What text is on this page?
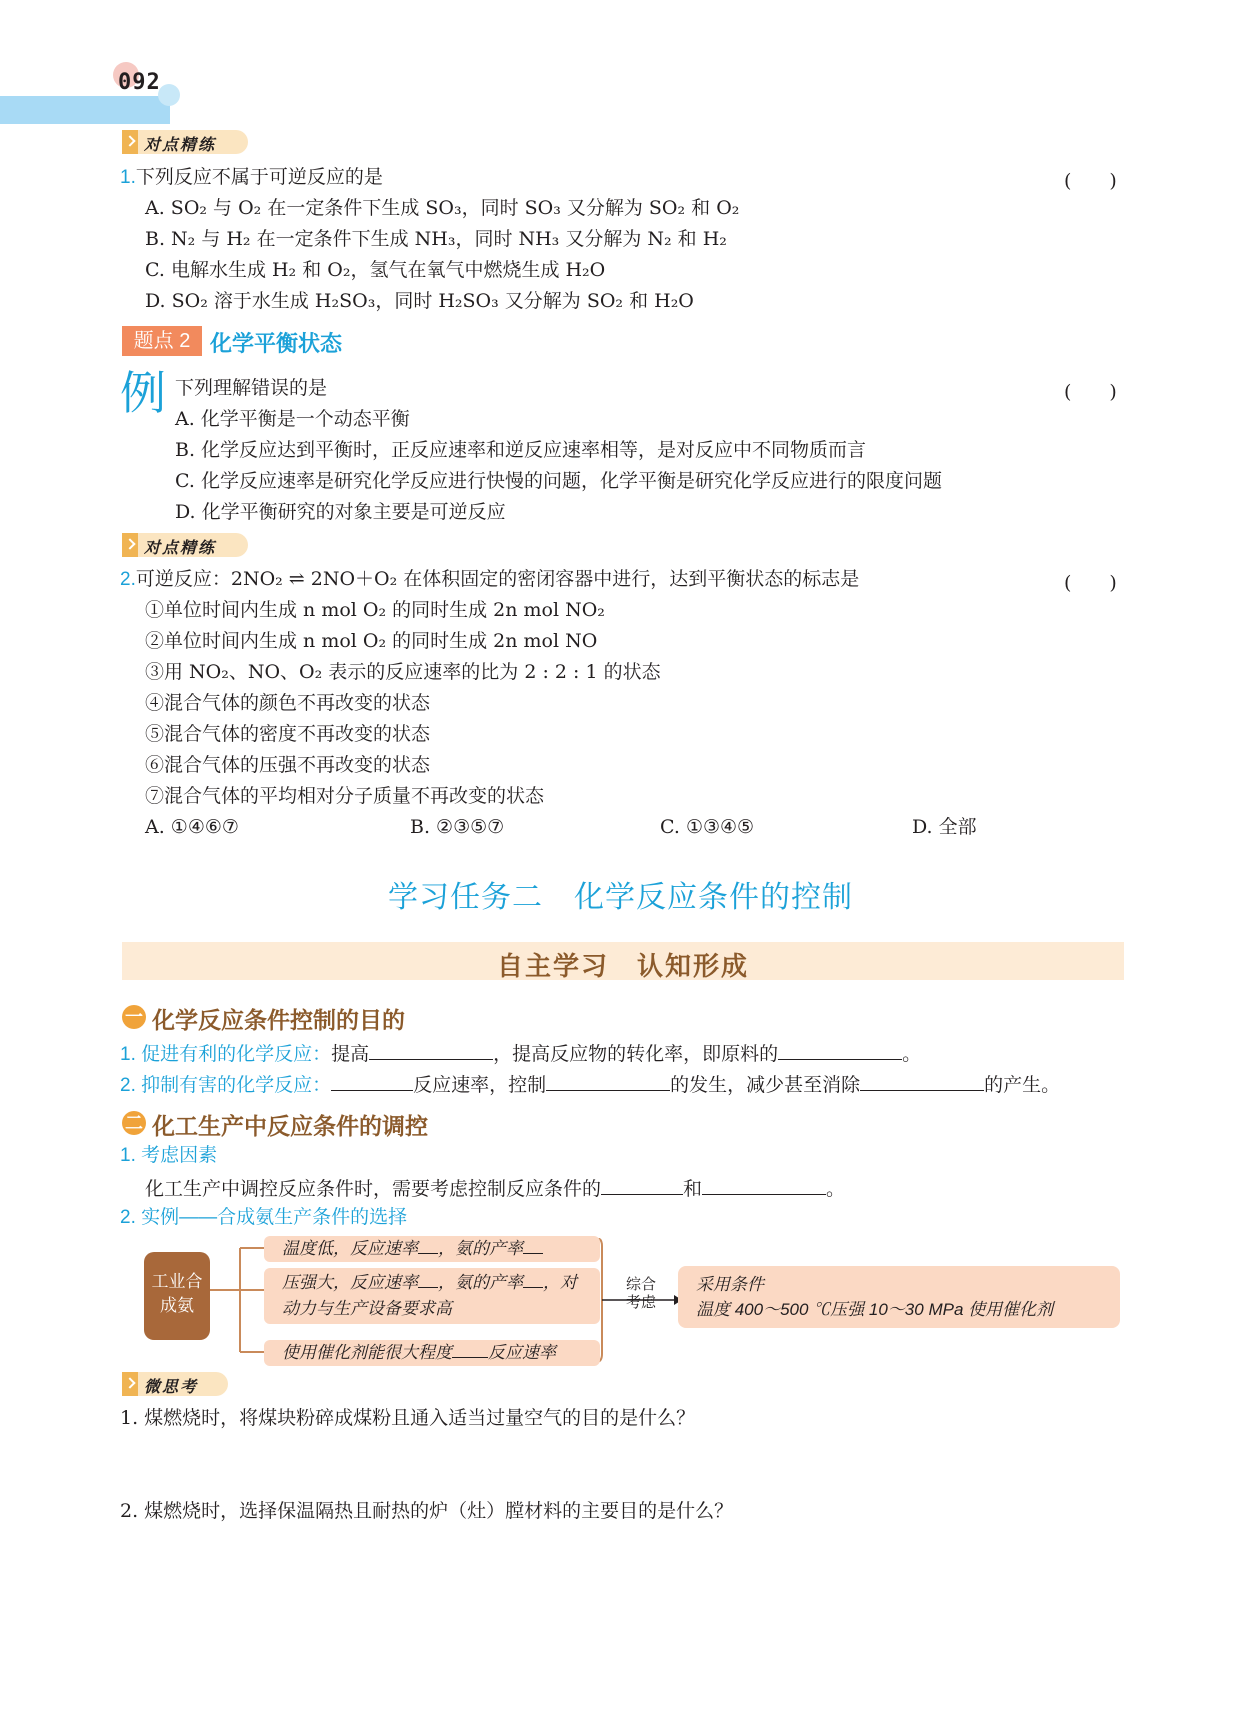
092
对点精练
1.下列反应不属于可逆反应的是	(　　)
A. SO₂ 与 O₂ 在一定条件下生成 SO₃，同时 SO₃ 又分解为 SO₂ 和 O₂
B. N₂ 与 H₂ 在一定条件下生成 NH₃，同时 NH₃ 又分解为 N₂ 和 H₂
C. 电解水生成 H₂ 和 O₂，氢气在氧气中燃烧生成 H₂O
D. SO₂ 溶于水生成 H₂SO₃，同时 H₂SO₃ 又分解为 SO₂ 和 H₂O
题点 2 化学平衡状态
例 下列理解错误的是	(　　)
A. 化学平衡是一个动态平衡
B. 化学反应达到平衡时，正反应速率和逆反应速率相等，是对反应中不同物质而言
C. 化学反应速率是研究化学反应进行快慢的问题，化学平衡是研究化学反应进行的限度问题
D. 化学平衡研究的对象主要是可逆反应
对点精练
2.可逆反应：2NO₂ ⇌ 2NO＋O₂ 在体积固定的密闭容器中进行，达到平衡状态的标志是	(　　)
①单位时间内生成 n mol O₂ 的同时生成 2n mol NO₂
②单位时间内生成 n mol O₂ 的同时生成 2n mol NO
③用 NO₂、NO、O₂ 表示的反应速率的比为 2 : 2 : 1 的状态
④混合气体的颜色不再改变的状态
⑤混合气体的密度不再改变的状态
⑥混合气体的压强不再改变的状态
⑦混合气体的平均相对分子质量不再改变的状态
A. ①④⑥⑦	B. ②③⑤⑦	C. ①③④⑤	D. 全部
学习任务二　化学反应条件的控制
自主学习　认知形成
一 化学反应条件控制的目的
1. 促进有利的化学反应：提高	，提高反应物的转化率，即原料的	。
2. 抑制有害的化学反应：	反应速率，控制	的发生，减少甚至消除	的产生。
二 化工生产中反应条件的调控
1. 考虑因素
化工生产中调控反应条件时，需要考虑控制反应条件的	和	。
2. 实例——合成氨生产条件的选择
工业合
成氨
温度低，反应速率 ，氨的产率
压强大，反应速率 ，氨的产率 ，对
动力与生产设备要求高
使用催化剂能很大程度 反应速率
综合
考虑
采用条件
温度 400～500 ℃压强 10～30 MPa 使用催化剂
微思考
1. 煤燃烧时，将煤块粉碎成煤粉且通入适当过量空气的目的是什么？
2. 煤燃烧时，选择保温隔热且耐热的炉（灶）膛材料的主要目的是什么？
